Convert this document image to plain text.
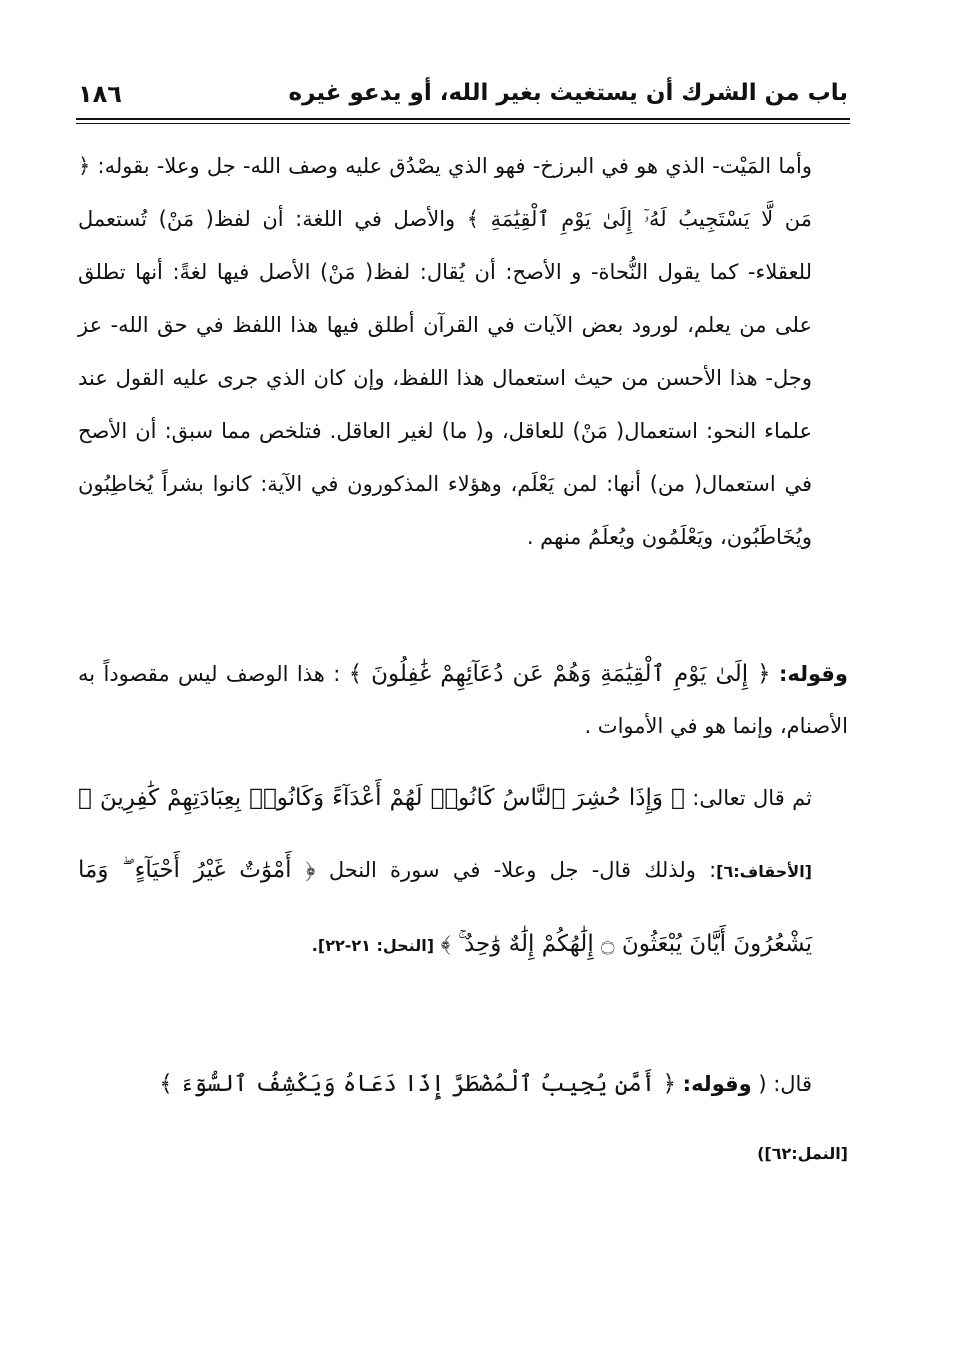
باب من الشرك أن يستغيث بغير الله، أو يدعو غيره
١٨٦

وأما المَيْت- الذي هو في البرزخ- فهو الذي يصْدُق عليه وصف الله- جل وعلا- بقوله: ﴿ مَن لَّا يَسْتَجِيبُ لَهُۥٓ إِلَىٰ يَوْمِ ٱلْقِيَٰمَةِ ﴾ والأصل في اللغة: أن لفظ( مَنْ) تُستعمل للعقلاء- كما يقول النُّحاة- و الأصح: أن يُقال: لفظ( مَنْ) الأصل فيها لغةً: أنها تطلق على من يعلم، لورود بعض الآيات في القرآن أطلق فيها هذا اللفظ في حق الله- عز وجل- هذا الأحسن من حيث استعمال هذا اللفظ، وإن كان الذي جرى عليه القول عند علماء النحو: استعمال( مَنْ) للعاقل، و( ما) لغير العاقل. فتلخص مما سبق: أن الأصح في استعمال( من) أنها: لمن يَعْلَم، وهؤلاء المذكورون في الآية: كانوا بشراً يُخاطِبُون ويُخَاطَبُون، ويَعْلَمُون ويُعلَمُ منهم .

وقوله: ﴿ إِلَىٰ يَوْمِ ٱلْقِيَٰمَةِ وَهُمْ عَن دُعَآئِهِمْ غَٰفِلُونَ ﴾ : هذا الوصف ليس مقصوداً به الأصنام، وإنما هو في الأموات .

ثم قال تعالى: ﴿ وَإِذَا حُشِرَ ٱلنَّاسُ كَانُوا۟ لَهُمْ أَعْدَآءً وَكَانُوا۟ بِعِبَادَتِهِمْ كَٰفِرِينَ ﴾ [الأحقاف:٦]: ولذلك قال- جل وعلا- في سورة النحل ﴿ أَمْوَٰتٌ غَيْرُ أَحْيَآءٍ ۖ وَمَا يَشْعُرُونَ أَيَّانَ يُبْعَثُونَ ۝ إِلَٰهُكُمْ إِلَٰهٌ وَٰحِدٌ ۚ ﴾ [النحل: ٢١-٢٢].

قال: ( وقوله: ﴿ أَمَّن يُجِيبُ ٱلْمُضْطَرَّ إِذَا دَعَاهُ وَيَكْشِفُ ٱلسُّوٓءَ ﴾

[النمل:٦٢])
